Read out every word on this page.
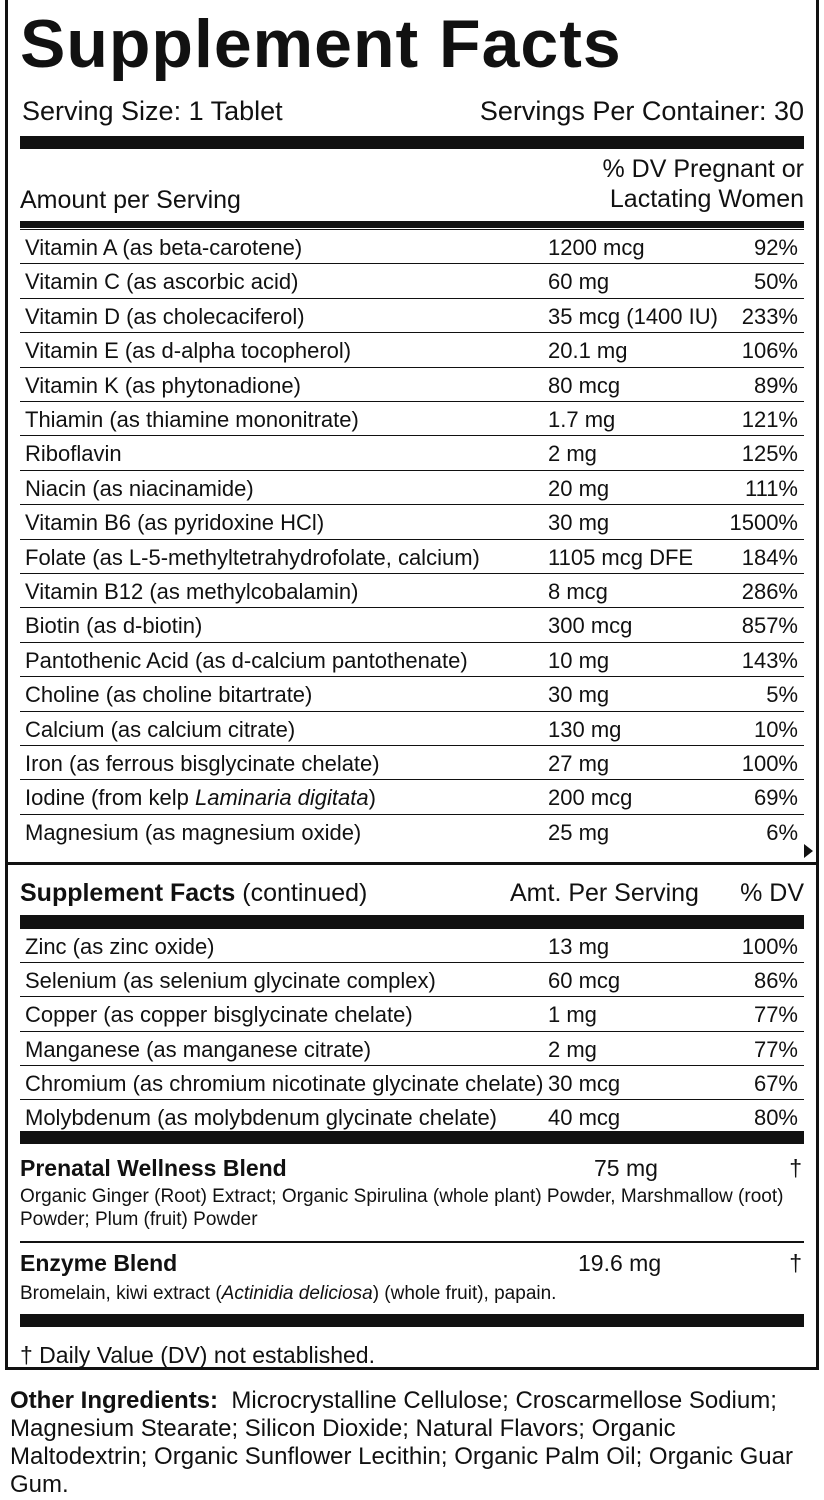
Supplement Facts
Serving Size: 1 Tablet	Servings Per Container: 30
% DV Pregnant or
Amount per Serving	Lactating Women
Vitamin A (as beta-carotene)	1200 mcg	92%
Vitamin C (as ascorbic acid)	60 mg	50%
Vitamin D (as cholecaciferol)	35 mcg (1400 IU) 233%
Vitamin E (as d-alpha tocopherol)	20.1 mg	106%
Vitamin K (as phytonadione)	80 mcg	89%
Thiamin (as thiamine mononitrate)	1.7 mg	121%
Riboflavin	2 mg	125%
Niacin (as niacinamide)	20 mg	111%
Vitamin B6 (as pyridoxine HCl)	30 mg	1500%
Folate (as L-5-methyltetrahydrofolate, calcium)	1105 mcg DFE 184%
Vitamin B12 (as methylcobalamin)	8 mcg	286%
Biotin (as d-biotin)	300 mcg	857%
Pantothenic Acid (as d-calcium pantothenate)	10 mg	143%
Choline (as choline bitartrate)	30 mg	5%
Calcium (as calcium citrate)	130 mg	10%
Iron (as ferrous bisglycinate chelate)	27 mg	100%
Iodine (from kelp Laminaria digitata)	200 mcg	69%
Magnesium (as magnesium oxide)	25 mg	6%
Supplement Facts (continued)	Amt. Per Serving % DV
Zinc (as zinc oxide)	13 mg	100%
Selenium (as selenium glycinate complex)	60 mcg	86%
Copper (as copper bisglycinate chelate)	1 mg	77%
Manganese (as manganese citrate)	2 mg	77%
Chromium (as chromium nicotinate glycinate chelate) 30 mcg	67%
Molybdenum (as molybdenum glycinate chelate) 40 mcg	80%
Prenatal Wellness Blend	75 mg	†
Organic Ginger (Root) Extract; Organic Spirulina (whole plant) Powder, Marshmallow (root) Powder; Plum (fruit) Powder
Enzyme Blend	19.6 mg	†
Bromelain, kiwi extract (Actinidia deliciosa) (whole fruit), papain.
† Daily Value (DV) not established.
Other Ingredients: Microcrystalline Cellulose; Croscarmellose Sodium; Magnesium Stearate; Silicon Dioxide; Natural Flavors; Organic Maltodextrin; Organic Sunflower Lecithin; Organic Palm Oil; Organic Guar Gum.
